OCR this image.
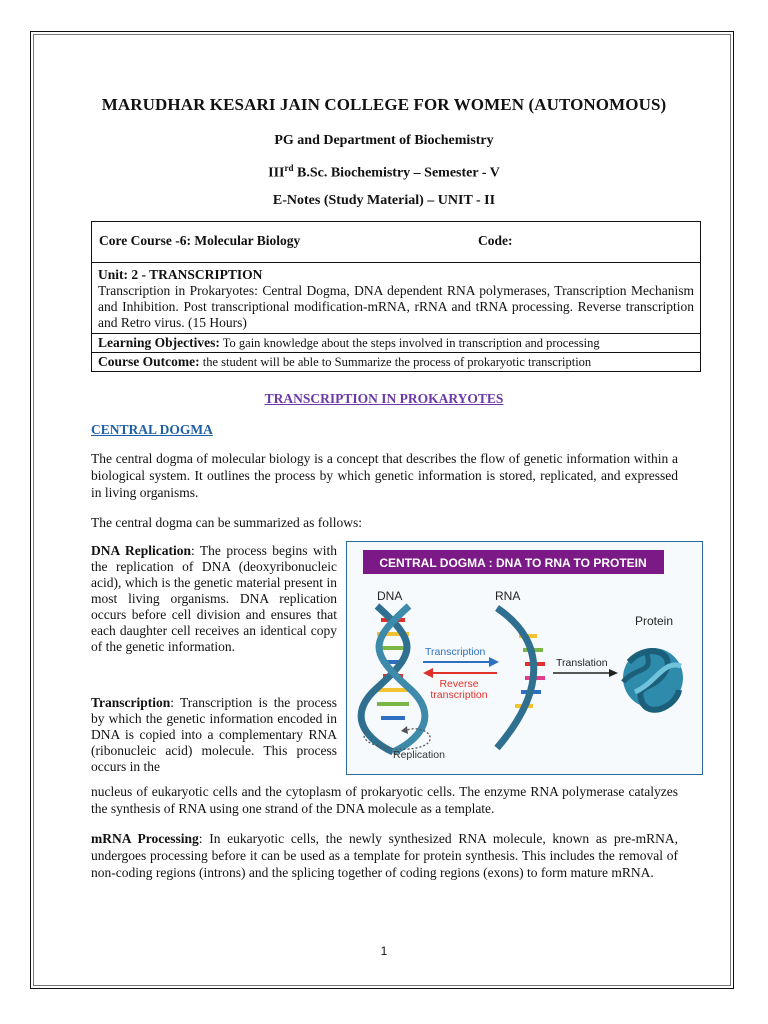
MARUDHAR KESARI JAIN COLLEGE FOR WOMEN (AUTONOMOUS)
PG and Department of Biochemistry
IIIrd B.Sc. Biochemistry – Semester - V
E-Notes (Study Material) – UNIT - II
Core Course -6: Molecular Biology	Code:
Unit: 2 - TRANSCRIPTION
Transcription in Prokaryotes: Central Dogma, DNA dependent RNA polymerases, Transcription Mechanism and Inhibition. Post transcriptional modification-mRNA, rRNA and tRNA processing. Reverse transcription and Retro virus. (15 Hours)
Learning Objectives: To gain knowledge about the steps involved in transcription and processing
Course Outcome: the student will be able to Summarize the process of prokaryotic transcription
TRANSCRIPTION IN PROKARYOTES
CENTRAL DOGMA
The central dogma of molecular biology is a concept that describes the flow of genetic information within a biological system. It outlines the process by which genetic information is stored, replicated, and expressed in living organisms.
The central dogma can be summarized as follows:
DNA Replication: The process begins with the replication of DNA (deoxyribonucleic acid), which is the genetic material present in most living organisms. DNA replication occurs before cell division and ensures that each daughter cell receives an identical copy of the genetic information.
Transcription: Transcription is the process by which the genetic information encoded in DNA is copied into a complementary RNA (ribonucleic acid) molecule. This process occurs in the
CENTRAL DOGMA : DNA TO RNA TO PROTEIN
DNA	RNA
Protein
Transcription
Reverse
transcription
Translation
Replication
nucleus of eukaryotic cells and the cytoplasm of prokaryotic cells. The enzyme RNA polymerase catalyzes the synthesis of RNA using one strand of the DNA molecule as a template.
mRNA Processing: In eukaryotic cells, the newly synthesized RNA molecule, known as pre-mRNA, undergoes processing before it can be used as a template for protein synthesis. This includes the removal of non-coding regions (introns) and the splicing together of coding regions (exons) to form mature mRNA.
1
